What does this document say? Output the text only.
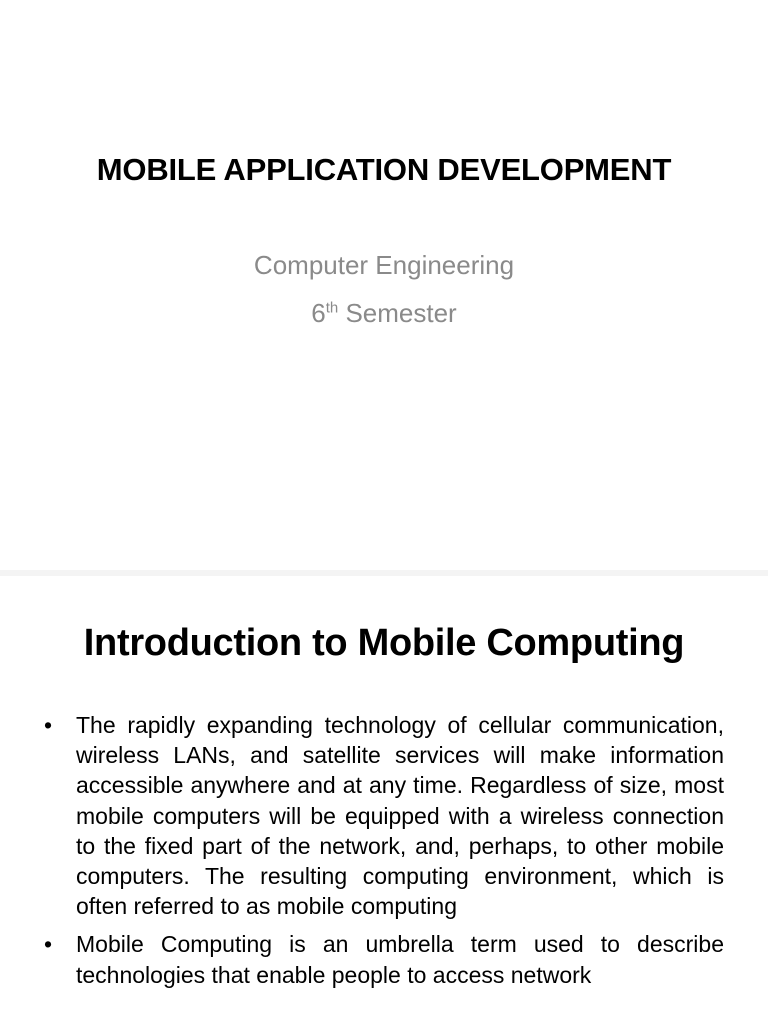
MOBILE APPLICATION DEVELOPMENT
Computer Engineering
6th Semester
Introduction to Mobile Computing
• The rapidly expanding technology of cellular communication, wireless LANs, and satellite services will make information accessible anywhere and at any time. Regardless of size, most mobile computers will be equipped with a wireless connection to the fixed part of the network, and, perhaps, to other mobile computers. The resulting computing environment, which is often referred to as mobile computing
• Mobile Computing is an umbrella term used to describe technologies that enable people to access network
